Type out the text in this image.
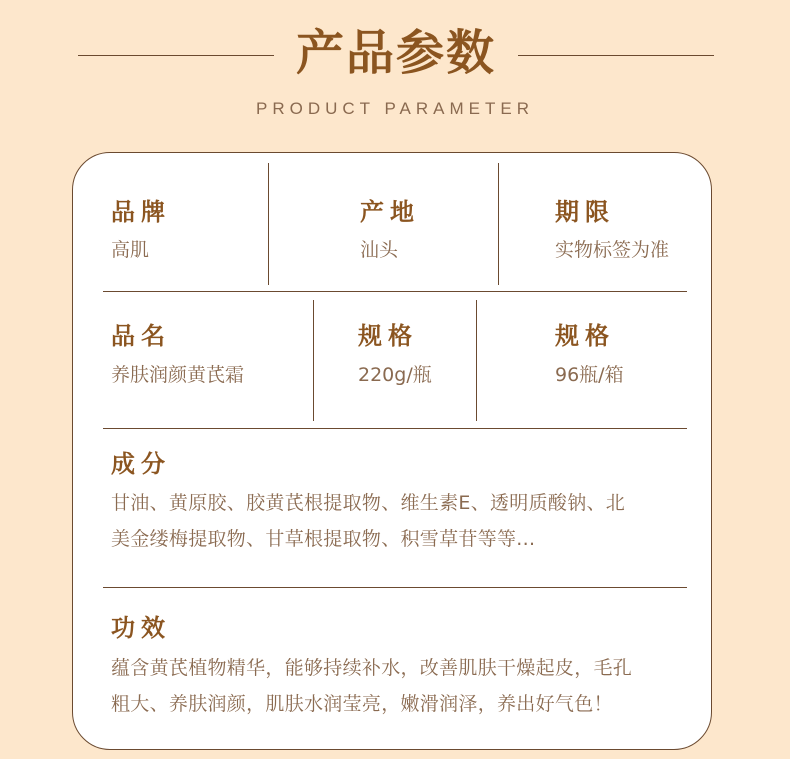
产品参数
PRODUCT PARAMETER
品牌
高肌
产地
汕头
期限
实物标签为准
品名
养肤润颜黄芪霜
规格
220g/瓶
规格
96瓶/箱
成分
甘油、黄原胶、胶黄芪根提取物、维生素E、透明质酸钠、北
美金缕梅提取物、甘草根提取物、积雪草苷等等...
功效
蕴含黄芪植物精华，能够持续补水，改善肌肤干燥起皮，毛孔
粗大、养肤润颜，肌肤水润莹亮，嫩滑润泽，养出好气色！
